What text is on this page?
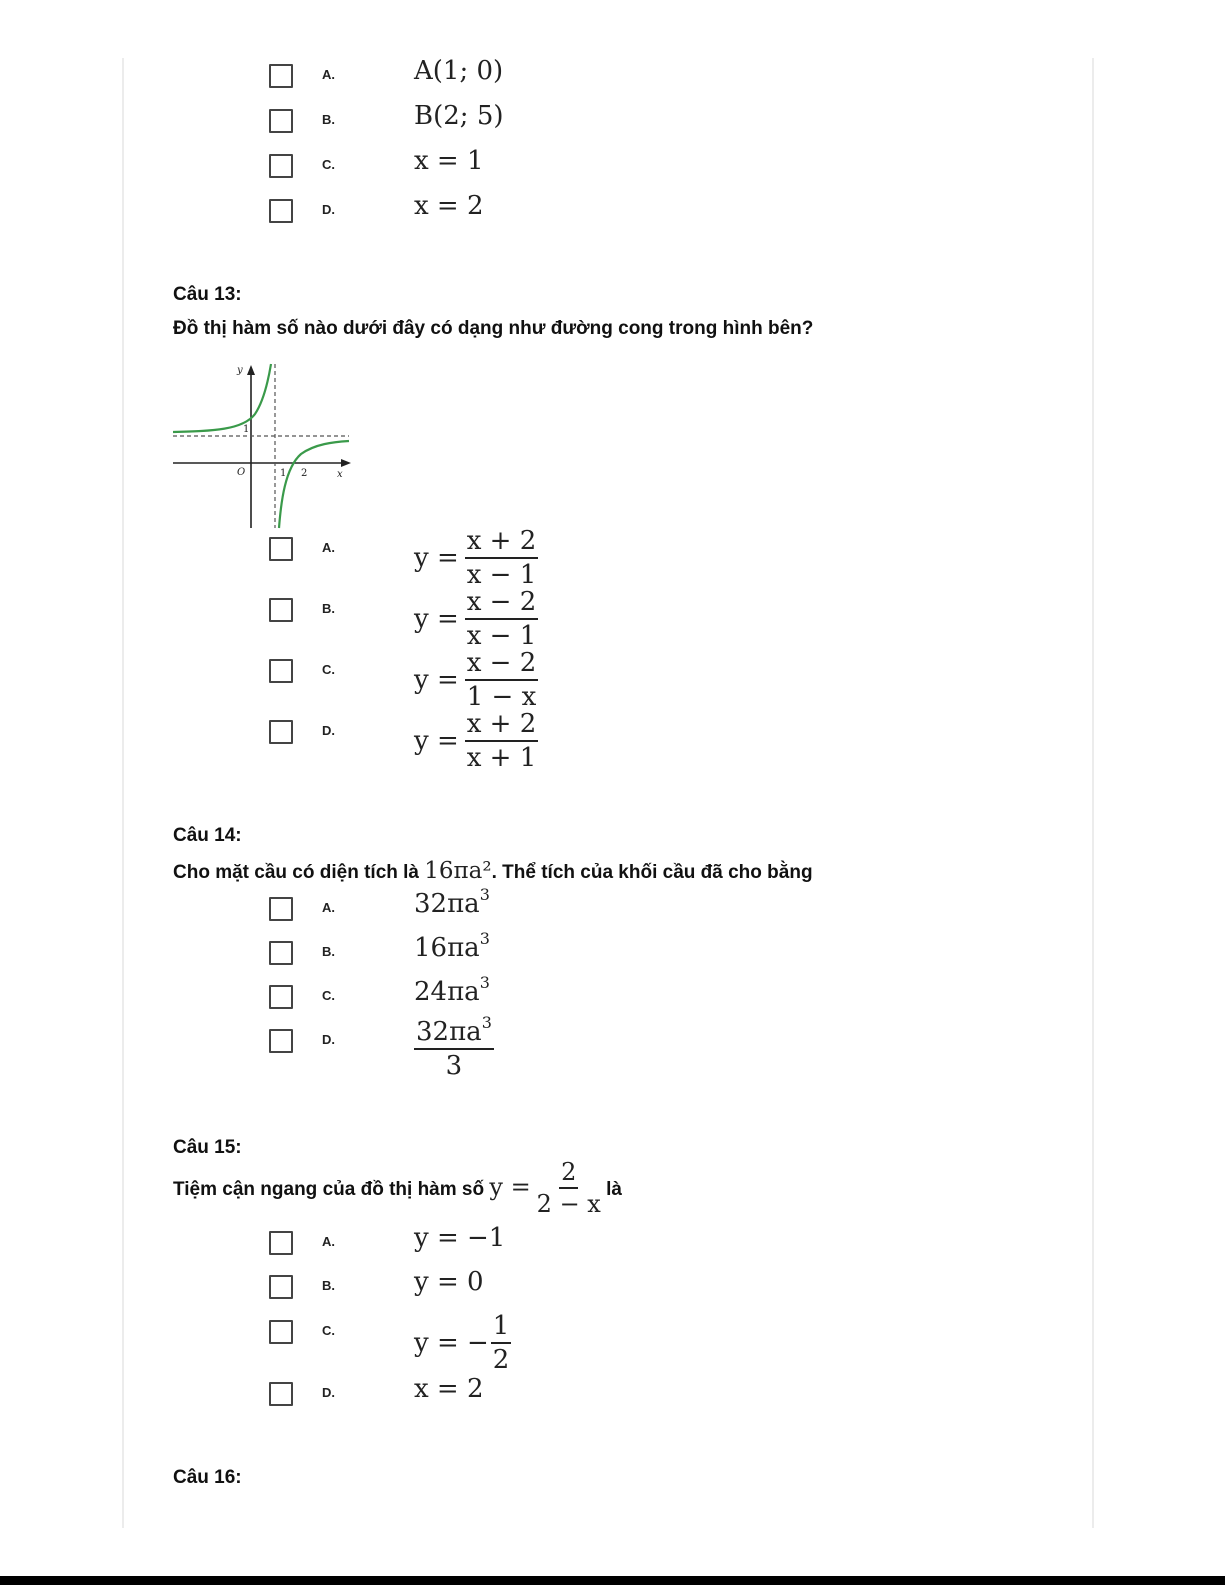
A.	A(1; 0)
B.	B(2; 5)
C.	x = 1
D.	x = 2
Câu 13:
Đồ thị hàm số nào dưới đây có dạng như đường cong trong hình bên?
y
1
O	1 2	x
A.	$y = \frac{x + 2}{x - 1}$
B.	$y = \frac{x - 2}{x - 1}$
C.	$y = \frac{x - 2}{1 - x}$
D.	$y = \frac{x + 2}{x + 1}$
Câu 14:
Cho mặt cầu có diện tích là 16πa². Thể tích của khối cầu đã cho bằng
A.	$32\pi a^3$
B.	$16\pi a^3$
C.	$24\pi a^3$
D.	$\frac{32\pi a^3}{3}$
Câu 15:
Tiệm cận ngang của đồ thị hàm số $y = \frac{2}{2 - x}$ là
A.	y = −1
B.	y = 0
C.	y = − $\frac{1}{2}$
D.	x = 2
Câu 16:
